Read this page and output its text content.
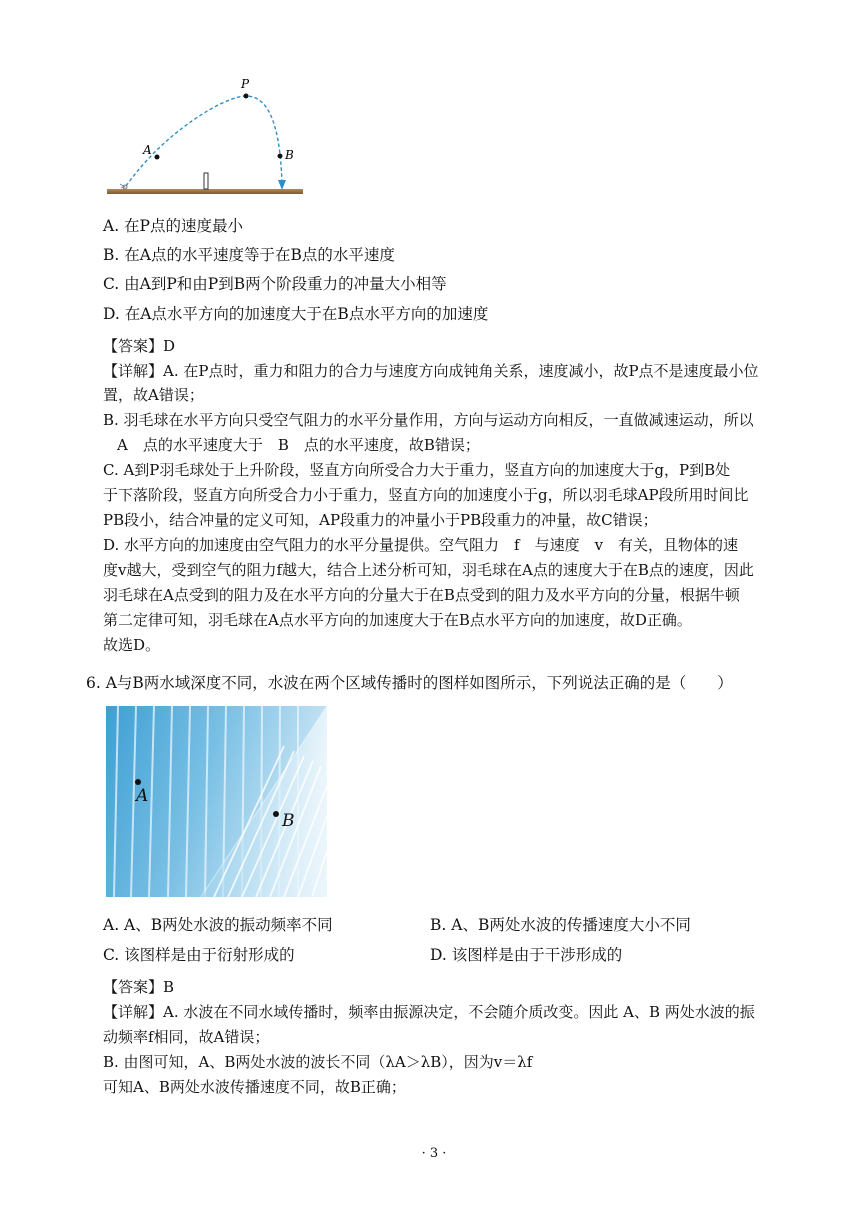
A
P
B
A. 在P点的速度最小
B. 在A点的水平速度等于在B点的水平速度
C. 由A到P和由P到B两个阶段重力的冲量大小相等
D. 在A点水平方向的加速度大于在B点水平方向的加速度
【答案】D
【详解】A. 在P点时，重力和阻力的合力与速度方向成钝角关系，速度减小，故P点不是速度最小位
置，故A错误；
B. 羽毛球在水平方向只受空气阻力的水平分量作用，方向与运动方向相反，一直做减速运动，所以
A　点的水平速度大于　B　点的水平速度，故B错误；
C. A到P羽毛球处于上升阶段，竖直方向所受合力大于重力，竖直方向的加速度大于g，P到B处
于下落阶段，竖直方向所受合力小于重力，竖直方向的加速度小于g，所以羽毛球AP段所用时间比
PB段小，结合冲量的定义可知，AP段重力的冲量小于PB段重力的冲量，故C错误；
D. 水平方向的加速度由空气阻力的水平分量提供。空气阻力　f　与速度　v　有关，且物体的速
度v越大，受到空气的阻力f越大，结合上述分析可知，羽毛球在A点的速度大于在B点的速度，因此
羽毛球在A点受到的阻力及在水平方向的分量大于在B点受到的阻力及水平方向的分量，根据牛顿
第二定律可知，羽毛球在A点水平方向的加速度大于在B点水平方向的加速度，故D正确。
故选D。
6. A与B两水域深度不同，水波在两个区域传播时的图样如图所示，下列说法正确的是（　　）
A
B
A. A、B两处水波的振动频率不同	B. A、B两处水波的传播速度大小不同
C. 该图样是由于衍射形成的	D. 该图样是由于干涉形成的
【答案】B
【详解】A. 水波在不同水域传播时，频率由振源决定，不会随介质改变。因此 A、B 两处水波的振
动频率f相同，故A错误；
B. 由图可知，A、B两处水波的波长不同（λA＞λB），因为v＝λf
可知A、B两处水波传播速度不同，故B正确；
· 3 ·
